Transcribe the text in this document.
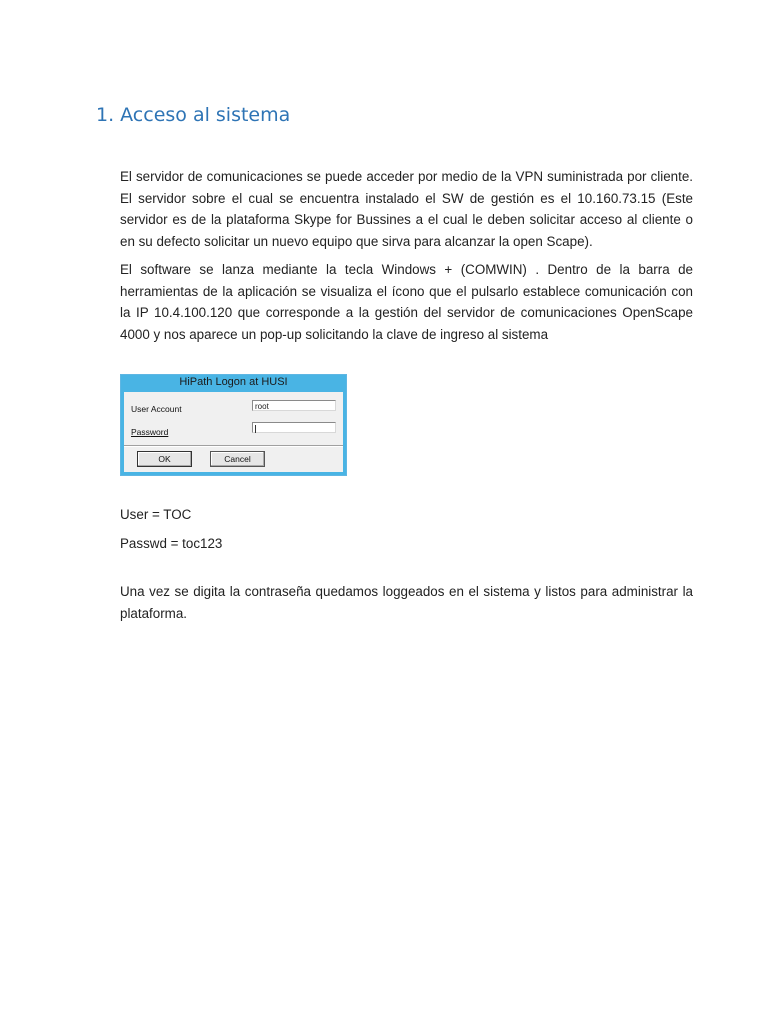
1. Acceso al sistema

El servidor de comunicaciones se puede acceder por medio de la VPN suministrada por cliente. El servidor sobre el cual se encuentra instalado el SW de gestión es el 10.160.73.15 (Este servidor es de la plataforma Skype for Bussines a el cual le deben solicitar acceso al cliente o en su defecto solicitar un nuevo equipo que sirva para alcanzar la open Scape).

El software se lanza mediante la tecla Windows + (COMWIN) . Dentro de la barra de herramientas de la aplicación se visualiza el ícono que el pulsarlo establece comunicación con la IP 10.4.100.120 que corresponde a la gestión del servidor de comunicaciones OpenScape 4000 y nos aparece un pop-up solicitando la clave de ingreso al sistema

HiPath Logon at HUSI
User Account	root
Password
OK	Cancel
User = TOC
Passwd = toc123

Una vez se digita la contraseña quedamos loggeados en el sistema y listos para administrar la plataforma.
